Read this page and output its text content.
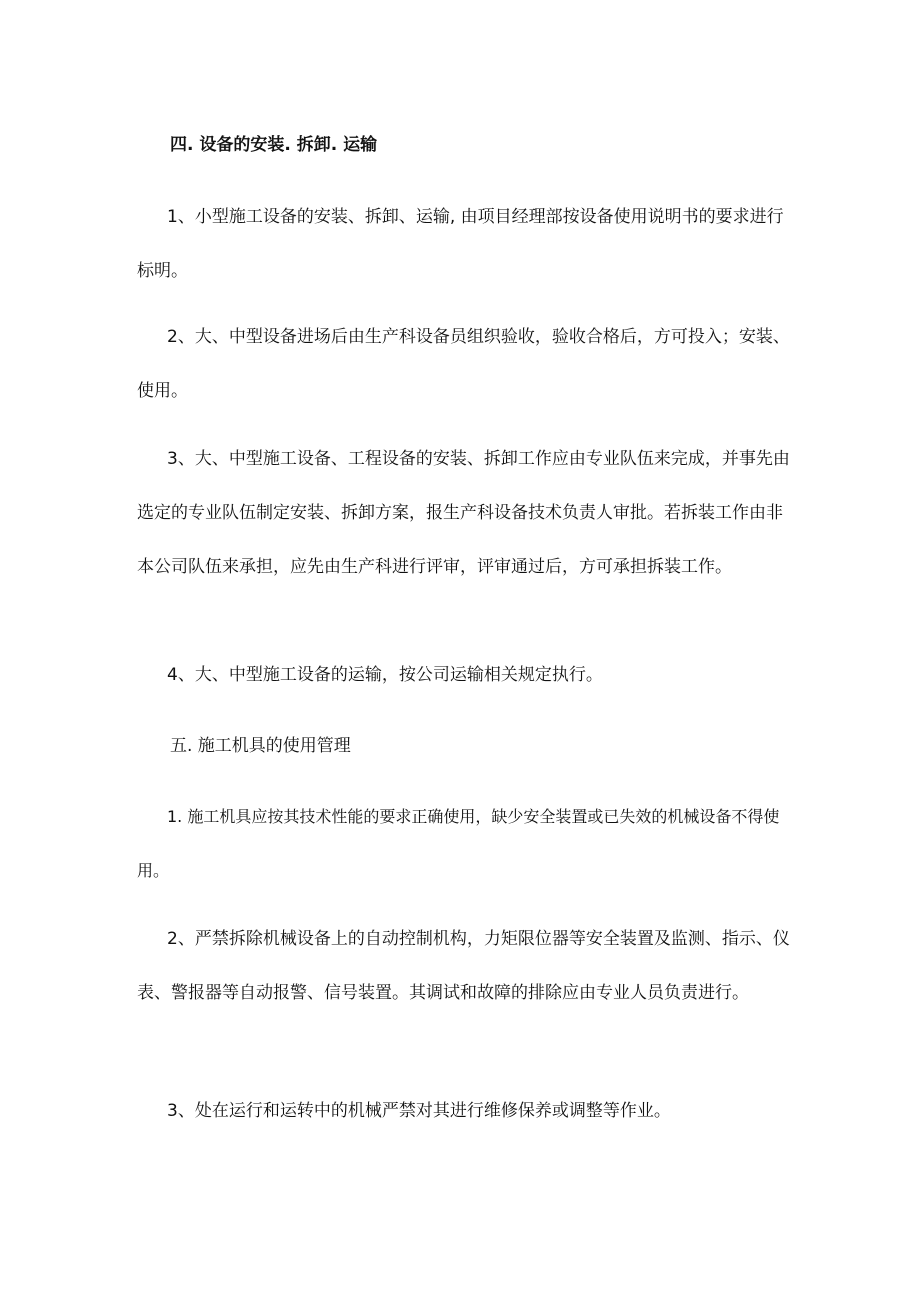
四. 设备的安装. 拆卸. 运输
1、小型施工设备的安装、拆卸、运输, 由项目经理部按设备使用说明书的要求进行标明。
2、大、中型设备进场后由生产科设备员组织验收，验收合格后，方可投入；安装、使用。
3、大、中型施工设备、工程设备的安装、拆卸工作应由专业队伍来完成，并事先由选定的专业队伍制定安装、拆卸方案，报生产科设备技术负责人审批。若拆装工作由非本公司队伍来承担，应先由生产科进行评审，评审通过后，方可承担拆装工作。
4、大、中型施工设备的运输，按公司运输相关规定执行。
五. 施工机具的使用管理
1. 施工机具应按其技术性能的要求正确使用，缺少安全装置或已失效的机械设备不得使用。
2、严禁拆除机械设备上的自动控制机构，力矩限位器等安全装置及监测、指示、仪表、警报器等自动报警、信号装置。其调试和故障的排除应由专业人员负责进行。
3、处在运行和运转中的机械严禁对其进行维修保养或调整等作业。
